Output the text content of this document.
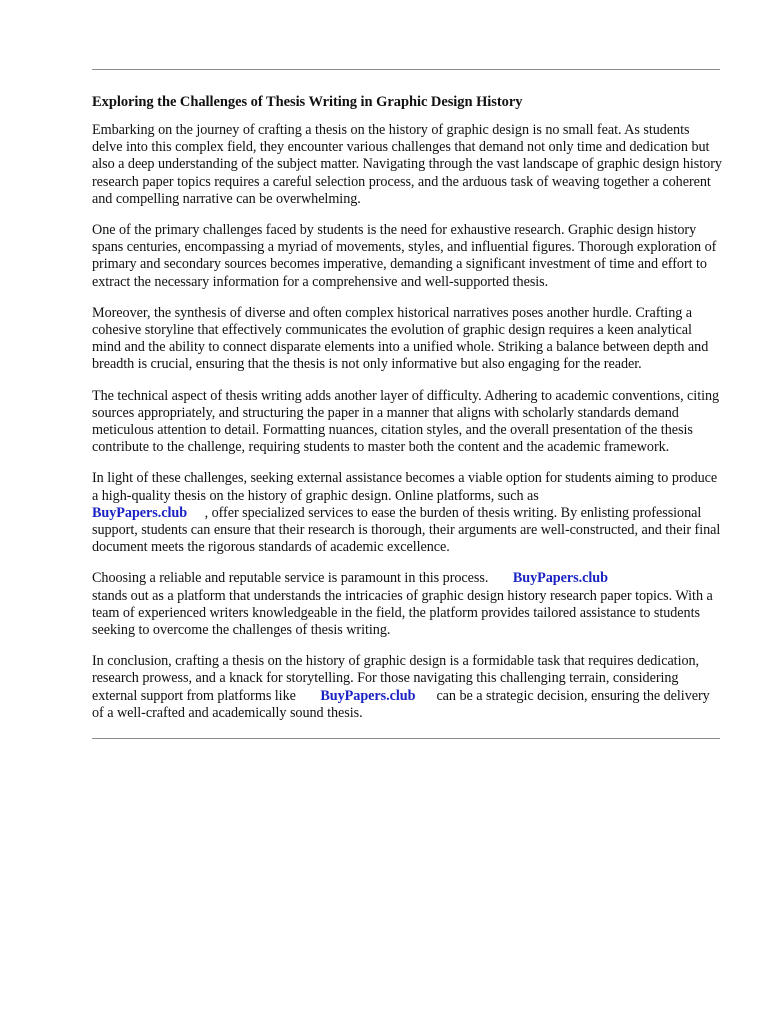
Exploring the Challenges of Thesis Writing in Graphic Design History

Embarking on the journey of crafting a thesis on the history of graphic design is no small feat. As students delve into this complex field, they encounter various challenges that demand not only time and dedication but also a deep understanding of the subject matter. Navigating through the vast landscape of graphic design history research paper topics requires a careful selection process, and the arduous task of weaving together a coherent and compelling narrative can be overwhelming.

One of the primary challenges faced by students is the need for exhaustive research. Graphic design history spans centuries, encompassing a myriad of movements, styles, and influential figures. Thorough exploration of primary and secondary sources becomes imperative, demanding a significant investment of time and effort to extract the necessary information for a comprehensive and well-supported thesis.

Moreover, the synthesis of diverse and often complex historical narratives poses another hurdle. Crafting a cohesive storyline that effectively communicates the evolution of graphic design requires a keen analytical mind and the ability to connect disparate elements into a unified whole. Striking a balance between depth and breadth is crucial, ensuring that the thesis is not only informative but also engaging for the reader.

The technical aspect of thesis writing adds another layer of difficulty. Adhering to academic conventions, citing sources appropriately, and structuring the paper in a manner that aligns with scholarly standards demand meticulous attention to detail. Formatting nuances, citation styles, and the overall presentation of the thesis contribute to the challenge, requiring students to master both the content and the academic framework.

In light of these challenges, seeking external assistance becomes a viable option for students aiming to produce a high-quality thesis on the history of graphic design. Online platforms, such as
BuyPapers.club , offer specialized services to ease the burden of thesis writing. By enlisting professional support, students can ensure that their research is thorough, their arguments are well-constructed, and their final document meets the rigorous standards of academic excellence.

Choosing a reliable and reputable service is paramount in this process. BuyPapers.club
stands out as a platform that understands the intricacies of graphic design history research paper topics. With a team of experienced writers knowledgeable in the field, the platform provides tailored assistance to students seeking to overcome the challenges of thesis writing.

In conclusion, crafting a thesis on the history of graphic design is a formidable task that requires dedication, research prowess, and a knack for storytelling. For those navigating this challenging terrain, considering external support from platforms like BuyPapers.club can be a strategic decision, ensuring the delivery of a well-crafted and academically sound thesis.
